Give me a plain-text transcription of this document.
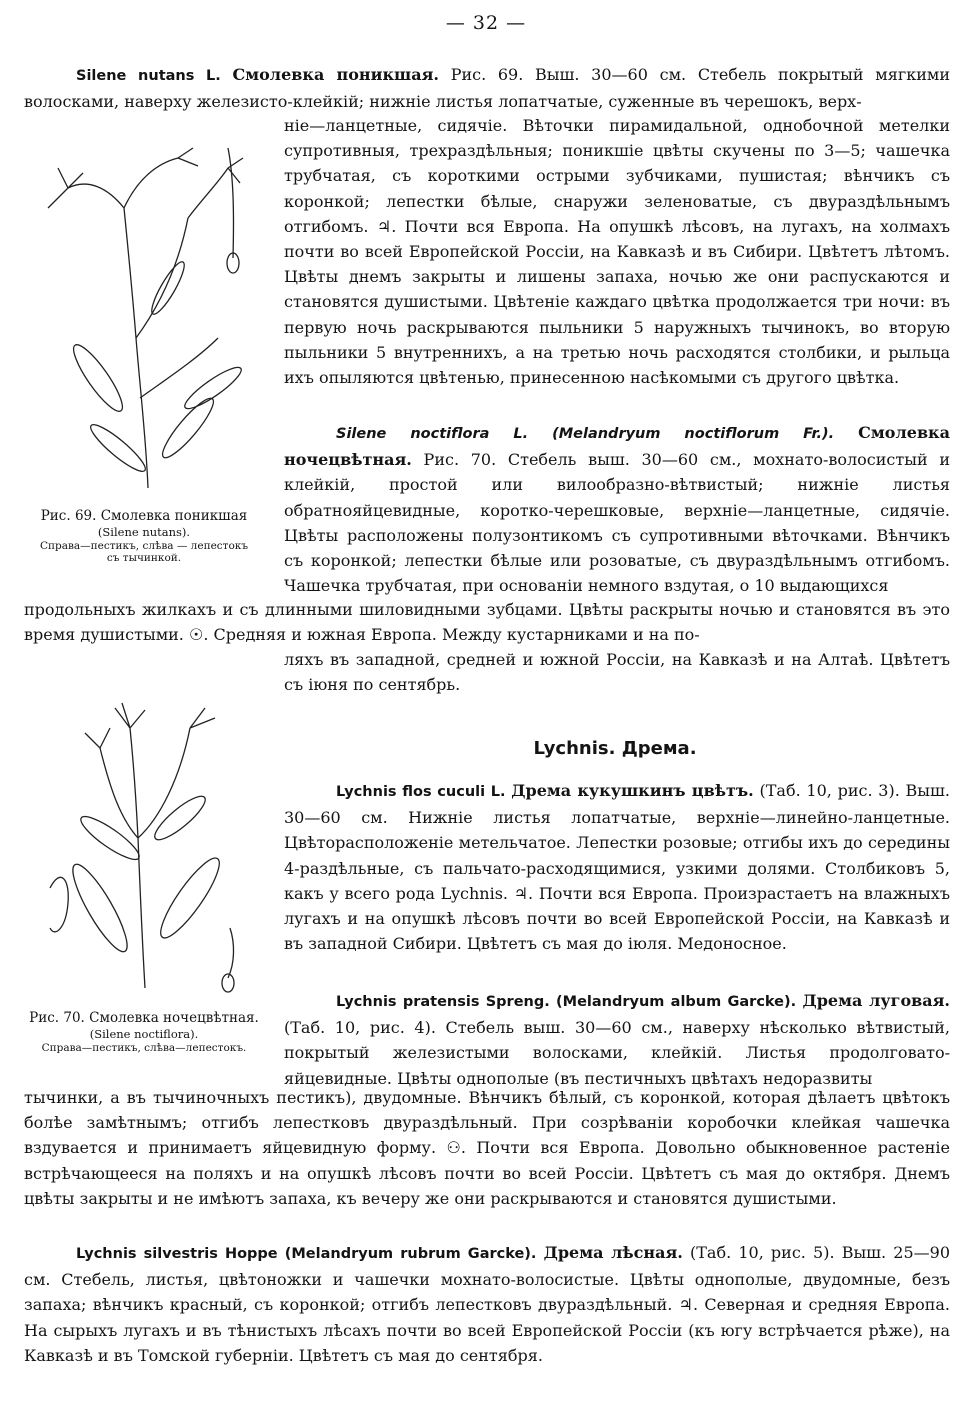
— 32 —

Silene nutans L. Смолевка поникшая. Рис. 69. Выш. 30—60 см. Стебель покрытый мягкими волосками, наверху железисто-клейкій; нижніе листья лопатчатые, суженные въ черешокъ, верх-

Рис. 69. Смолевка поникшая
(Silene nutans).
Справа—пестикъ, слѣва — лепестокъ
съ тычинкой.

ніе—ланцетные, сидячіе. Вѣточки пирамидальной, однобочной метелки супротивныя, трехраздѣльныя; поникшіе цвѣты скучены по 3—5; чашечка трубчатая, съ короткими острыми зубчиками, пушистая; вѣнчикъ съ коронкой; лепестки бѣлые, снаружи зеленоватые, съ двураздѣльнымъ отгибомъ. ♃. Почти вся Европа. На опушкѣ лѣсовъ, на лугахъ, на холмахъ почти во всей Европейской Россіи, на Кавказѣ и въ Сибири. Цвѣтетъ лѣтомъ. Цвѣты днемъ закрыты и лишены запаха, ночью же они распускаются и становятся душистыми. Цвѣтеніе каждаго цвѣтка продолжается три ночи: въ первую ночь раскрываются пыльники 5 наружныхъ тычинокъ, во вторую пыльники 5 внутреннихъ, а на третью ночь расходятся столбики, и рыльца ихъ опыляются цвѣтенью, принесенною насѣкомыми съ другого цвѣтка.

Silene noctiflora L. (Melandryum noctiflorum Fr.). Смолевка ночецвѣтная. Рис. 70. Стебель выш. 30—60 см., мохнато-волосистый и клейкій, простой или вилообразно-вѣтвистый; нижніе листья обратнояйцевидные, коротко-черешковые, верхніе—ланцетные, сидячіе. Цвѣты расположены полузонтикомъ съ супротивными вѣточками. Вѣнчикъ съ коронкой; лепестки бѣлые или розоватые, съ двураздѣльнымъ отгибомъ. Чашечка трубчатая, при основаніи немного вздутая, о 10 выдающихся

продольныхъ жилкахъ и съ длинными шиловидными зубцами. Цвѣты раскрыты ночью и становятся въ это время душистыми. ☉. Средняя и южная Европа. Между кустарниками и на по-

ляхъ въ западной, средней и южной Россіи, на Кавказѣ и на Алтаѣ. Цвѣтетъ съ іюня по сентябрь.

Рис. 70. Смолевка ночецвѣтная.
(Silene noctiflora).
Справа—пестикъ, слѣва—лепестокъ.
Lychnis. Дрема.

Lychnis flos cuculi L. Дрема кукушкинъ цвѣтъ. (Таб. 10, рис. 3). Выш. 30—60 см. Нижніе листья лопатчатые, верхніе—линейно-ланцетные. Цвѣторасположеніе метельчатое. Лепестки розовые; отгибы ихъ до середины 4-раздѣльные, съ пальчато-расходящимися, узкими долями. Столбиковъ 5, какъ у всего рода Lychnis. ♃. Почти вся Европа. Произрастаетъ на влажныхъ лугахъ и на опушкѣ лѣсовъ почти во всей Европейской Россіи, на Кавказѣ и въ западной Сибири. Цвѣтетъ съ мая до іюля. Медоносное.

Lychnis pratensis Spreng. (Melandryum album Garcke). Дрема луговая. (Таб. 10, рис. 4). Стебель выш. 30—60 см., наверху нѣсколько вѣтвистый, покрытый железистыми волосками, клейкій. Листья продолговато-яйцевидные. Цвѣты однополые (въ пестичныхъ цвѣтахъ недоразвиты

тычинки, а въ тычиночныхъ пестикъ), двудомные. Вѣнчикъ бѣлый, съ коронкой, которая дѣлаетъ цвѣтокъ болѣе замѣтнымъ; отгибъ лепестковъ двураздѣльный. При созрѣваніи коробочки клейкая чашечка вздувается и принимаетъ яйцевидную форму. ⚇. Почти вся Европа. Довольно обыкновенное растеніе встрѣчающееся на поляхъ и на опушкѣ лѣсовъ почти во всей Россіи. Цвѣтетъ съ мая до октября. Днемъ цвѣты закрыты и не имѣютъ запаха, къ вечеру же они раскрываются и становятся душистыми.

Lychnis silvestris Hoppe (Melandryum rubrum Garcke). Дрема лѣсная. (Таб. 10, рис. 5). Выш. 25—90 см. Стебель, листья, цвѣтоножки и чашечки мохнато-волосистые. Цвѣты однополые, двудомные, безъ запаха; вѣнчикъ красный, съ коронкой; отгибъ лепестковъ двураздѣльный. ♃. Северная и средняя Европа. На сырыхъ лугахъ и въ тѣнистыхъ лѣсахъ почти во всей Европейской Россіи (къ югу встрѣчается рѣже), на Кавказѣ и въ Томской губерніи. Цвѣтетъ съ мая до сентября.
